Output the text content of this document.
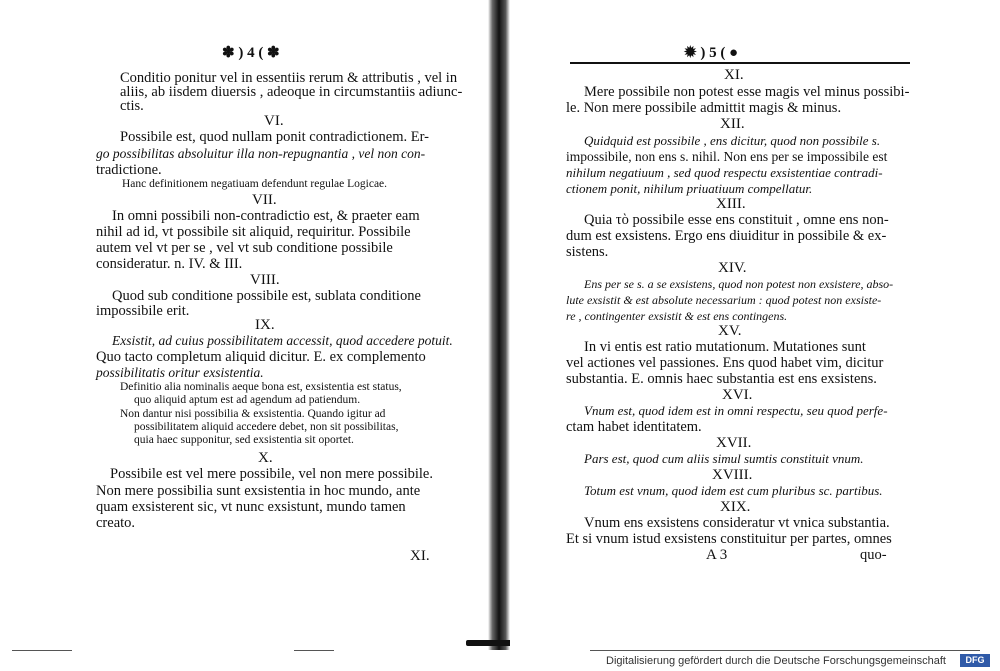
✽ ) 4 ( ✽
Conditio ponitur vel in essentiis rerum & attributis , vel in
aliis, ab iisdem diuersis , adeoque in circumstantiis adiunc-
ctis.
VI.
Possibile est, quod nullam ponit contradictionem. Er-
go possibilitas absoluitur illa non-repugnantia , vel non con-
tradictione.
Hanc definitionem negatiuam defendunt regulae Logicae.
VII.
In omni possibili non-contradictio est, & praeter eam
nihil ad id, vt possibile sit aliquid, requiritur. Possibile
autem vel vt per se , vel vt sub conditione possibile
consideratur. n. IV. & III.
VIII.
Quod sub conditione possibile est, sublata conditione
impossibile erit.
IX.
Exsistit, ad cuius possibilitatem accessit, quod accedere potuit.
Quo tacto completum aliquid dicitur. E. ex complemento
possibilitatis oritur exsistentia.
Definitio alia nominalis aeque bona est, exsistentia est status,
quo aliquid aptum est ad agendum ad patiendum.
Non dantur nisi possibilia & exsistentia. Quando igitur ad
possibilitatem aliquid accedere debet, non sit possibilitas,
quia haec supponitur, sed exsistentia sit oportet.
X.
Possibile est vel mere possibile, vel non mere possibile.
Non mere possibilia sunt exsistentia in hoc mundo, ante
quam exsisterent sic, vt nunc exsistunt, mundo tamen
creato.
XI.
✹ ) 5 ( ●
XI.
Mere possibile non potest esse magis vel minus possibi-
le. Non mere possibile admittit magis & minus.
XII.
Quidquid est possibile , ens dicitur, quod non possibile s.
impossibile, non ens s. nihil. Non ens per se impossibile est
nihilum negatiuum , sed quod respectu exsistentiae contradi-
ctionem ponit, nihilum priuatiuum compellatur.
XIII.
Quia τὸ possibile esse ens constituit , omne ens non-
dum est exsistens. Ergo ens diuiditur in possibile & ex-
sistens.
XIV.
Ens per se s. a se exsistens, quod non potest non exsistere, abso-
lute exsistit & est absolute necessarium : quod potest non exsiste-
re , contingenter exsistit & est ens contingens.
XV.
In vi entis est ratio mutationum. Mutationes sunt
vel actiones vel passiones. Ens quod habet vim, dicitur
substantia. E. omnis haec substantia est ens exsistens.
XVI.
Vnum est, quod idem est in omni respectu, seu quod perfe-
ctam habet identitatem.
XVII.
Pars est, quod cum aliis simul sumtis constituit vnum.
XVIII.
Totum est vnum, quod idem est cum pluribus sc. partibus.
XIX.
Vnum ens exsistens consideratur vt vnica substantia.
Et si vnum istud exsistens constituitur per partes, omnes
A 3	quo-
Digitalisierung gefördert durch die Deutsche Forschungsgemeinschaft	DFG
